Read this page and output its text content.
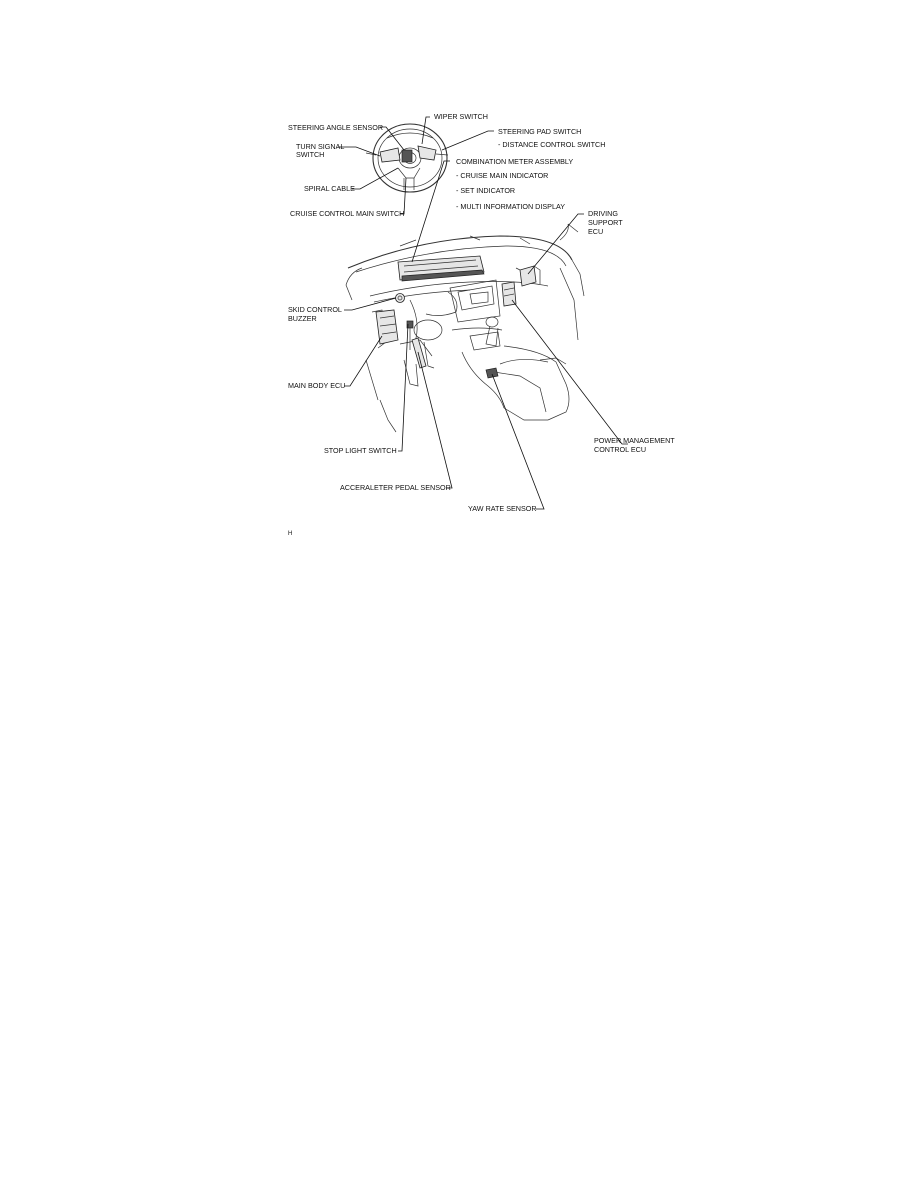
STEERING ANGLE SENSOR
WIPER SWITCH
STEERING PAD SWITCH
- DISTANCE CONTROL SWITCH
TURN SIGNAL
SWITCH
COMBINATION METER ASSEMBLY
- CRUISE MAIN INDICATOR
- SET INDICATOR
- MULTI INFORMATION DISPLAY
SPIRAL CABLE
CRUISE CONTROL MAIN SWITCH	DRIVING
SUPPORT
ECU
SKID CONTROL
BUZZER
MAIN BODY ECU
STOP LIGHT SWITCH
POWER MANAGEMENT
CONTROL ECU
ACCERALETER PEDAL SENSOR
YAW RATE SENSOR
H
